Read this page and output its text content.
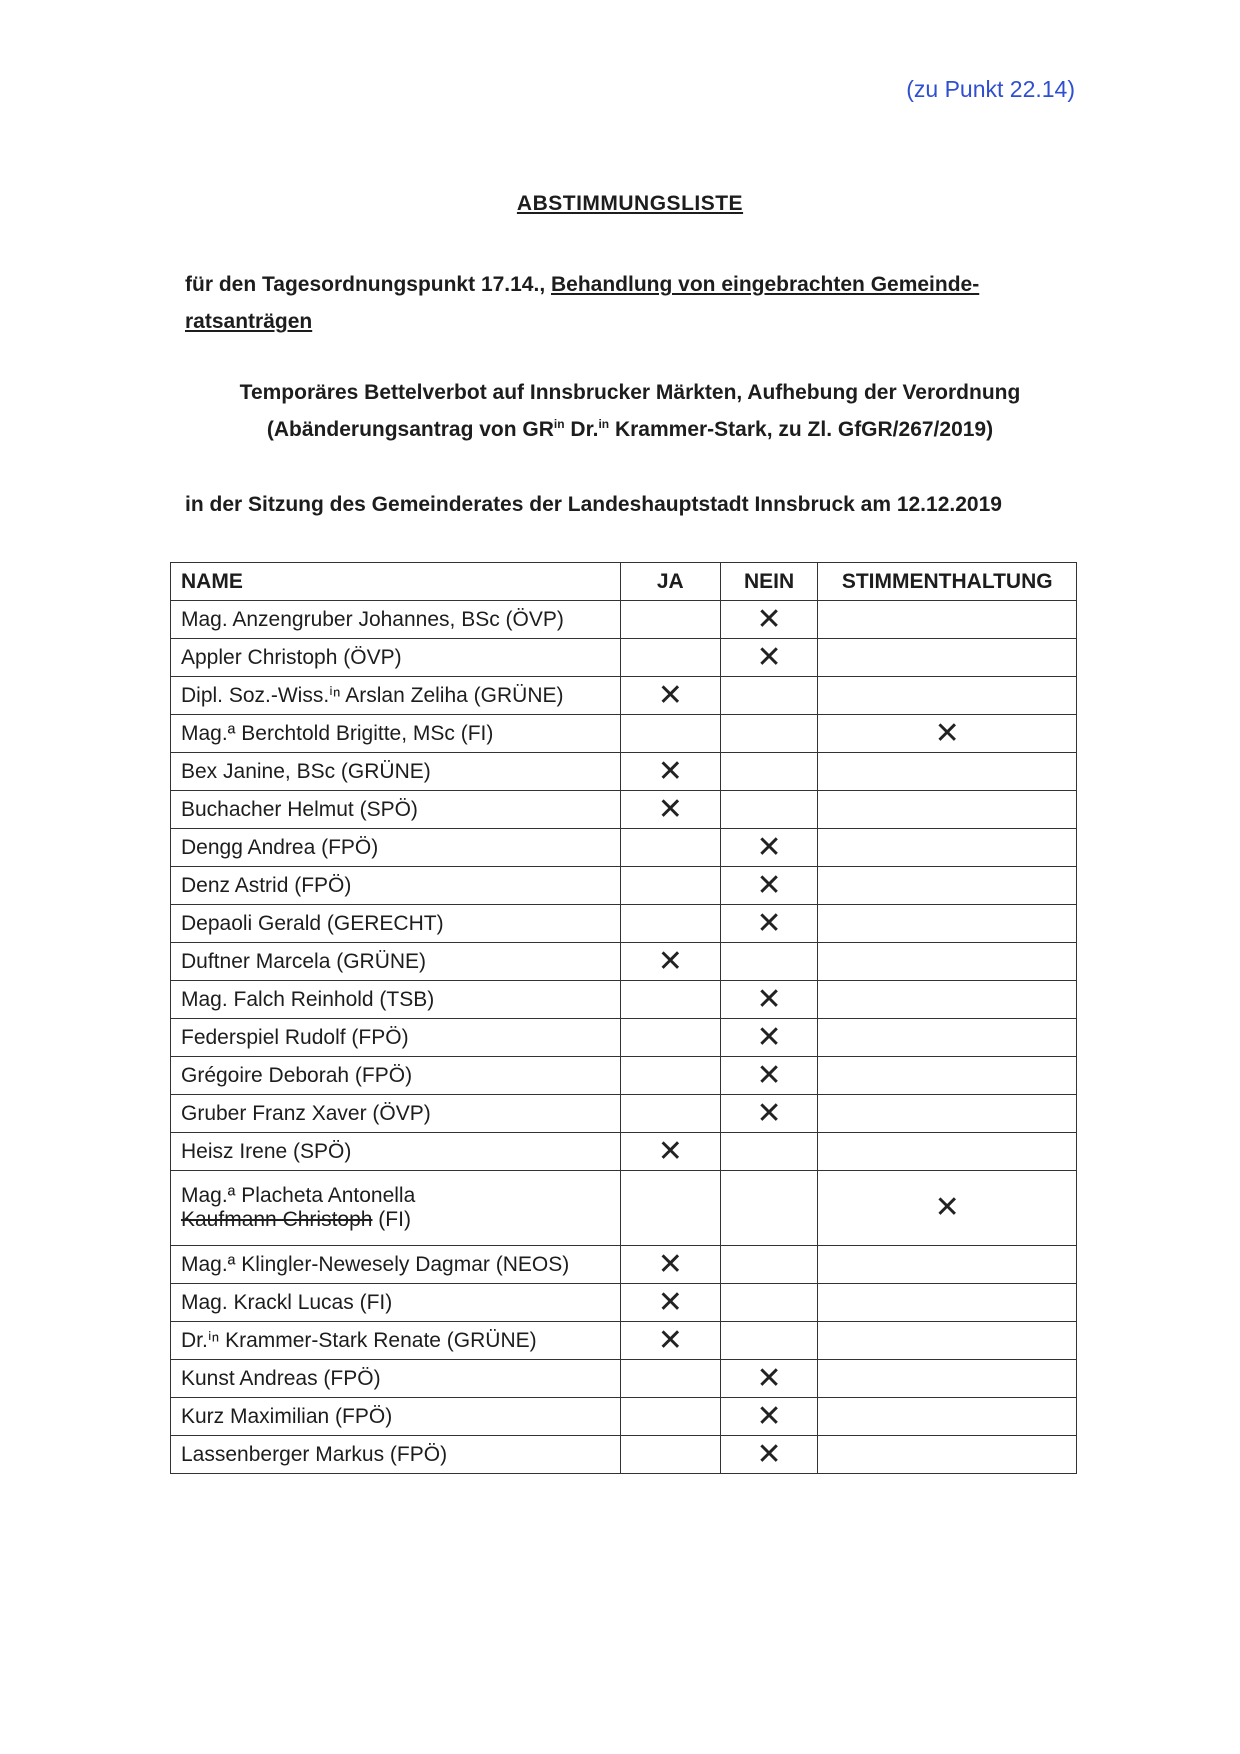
(zu Punkt 22.14)
ABSTIMMUNGSLISTE
für den Tagesordnungspunkt 17.14., Behandlung von eingebrachten Gemeinde-
ratsanträgen
Temporäres Bettelverbot auf Innsbrucker Märkten, Aufhebung der Verordnung
(Abänderungsantrag von $GR^{in}$ Dr.$^{in}$ Krammer-Stark, zu Zl. GfGR/267/2019)
in der Sitzung des Gemeinderates der Landeshauptstadt Innsbruck am 12.12.2019
NAME	JA	NEIN	STIMMENTHALTUNG
Mag. Anzengruber Johannes, BSc (ÖVP)		✕	
Appler Christoph (ÖVP)		✕	
Dipl. Soz.-Wiss.ⁱⁿ Arslan Zeliha (GRÜNE)	✕		
Mag.ª Berchtold Brigitte, MSc (FI)			✕
Bex Janine, BSc (GRÜNE)	✕		
Buchacher Helmut (SPÖ)	✕		
Dengg Andrea (FPÖ)		✕	
Denz Astrid (FPÖ)		✕	
Depaoli Gerald (GERECHT)		✕	
Duftner Marcela (GRÜNE)	✕		
Mag. Falch Reinhold (TSB)		✕	
Federspiel Rudolf (FPÖ)		✕	
Grégoire Deborah (FPÖ)		✕	
Gruber Franz Xaver (ÖVP)		✕	
Heisz Irene (SPÖ)	✕		
Mag.ª Placheta Antonella
Kaufmann Christoph (FI)			✕
Mag.ª Klingler-Newesely Dagmar (NEOS)	✕		
Mag. Krackl Lucas (FI)	✕		
Dr.ⁱⁿ Krammer-Stark Renate (GRÜNE)	✕		
Kunst Andreas (FPÖ)		✕	
Kurz Maximilian (FPÖ)		✕	
Lassenberger Markus (FPÖ)		✕	
